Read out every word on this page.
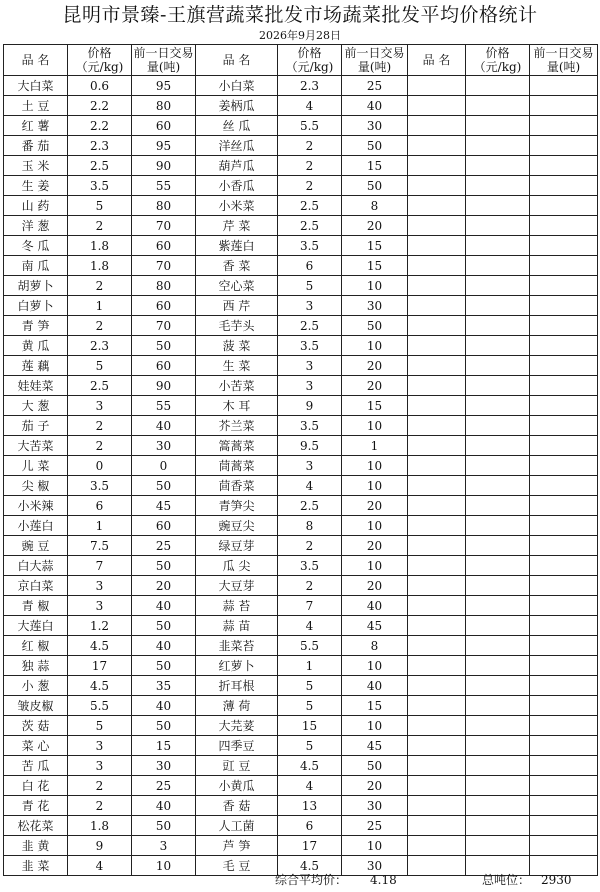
昆明市景臻-王旗营蔬菜批发市场蔬菜批发平均价格统计
2026年9月28日
品 名	价格（元/kg)	前一日交易量(吨)	品 名	价格（元/kg)	前一日交易量(吨)	品 名	价格（元/kg)	前一日交易量(吨)
大白菜	0.6	95	小白菜	2.3	25			
土 豆	2.2	80	姜柄瓜	4	40			
红 薯	2.2	60	丝 瓜	5.5	30			
番 茄	2.3	95	洋丝瓜	2	50			
玉 米	2.5	90	葫芦瓜	2	15			
生 姜	3.5	55	小香瓜	2	50			
山 药	5	80	小米菜	2.5	8			
洋 葱	2	70	芹 菜	2.5	20			
冬 瓜	1.8	60	紫莲白	3.5	15			
南 瓜	1.8	70	香 菜	6	15			
胡萝卜	2	80	空心菜	5	10			
白萝卜	1	60	西 芹	3	30			
青 笋	2	70	毛芋头	2.5	50			
黄 瓜	2.3	50	菠 菜	3.5	10			
莲 藕	5	60	生 菜	3	20			
娃娃菜	2.5	90	小苦菜	3	20			
大 葱	3	55	木 耳	9	15			
茄 子	2	40	芥兰菜	3.5	10			
大苦菜	2	30	篙蒿菜	9.5	1			
儿 菜	0	0	茼蒿菜	3	10			
尖 椒	3.5	50	茴香菜	4	10			
小米辣	6	45	青笋尖	2.5	20			
小莲白	1	60	豌豆尖	8	10			
豌 豆	7.5	25	绿豆芽	2	20			
白大蒜	7	50	瓜 尖	3.5	10			
京白菜	3	20	大豆芽	2	20			
青 椒	3	40	蒜 苔	7	40			
大莲白	1.2	50	蒜 苗	4	45			
红 椒	4.5	40	韭菜苔	5.5	8			
独 蒜	17	50	红萝卜	1	10			
小 葱	4.5	35	折耳根	5	40			
皱皮椒	5.5	40	薄 荷	5	15			
茨 菇	5	50	大芫荽	15	10			
菜 心	3	15	四季豆	5	45			
苦 瓜	3	30	豇 豆	4.5	50			
白 花	2	25	小黄瓜	4	20			
青 花	2	40	香 菇	13	30			
松花菜	1.8	50	人工菌	6	25			
韭 黄	9	3	芦 笋	17	10			
韭 菜	4	10	毛 豆	4.5	30			
综合平均价： 4.18	总吨位： 2930
